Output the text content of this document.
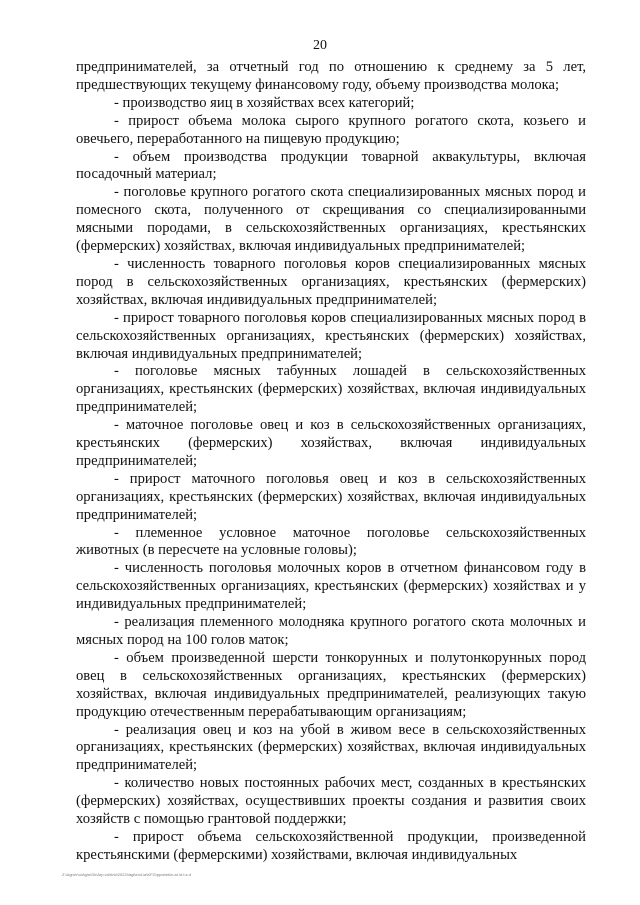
20

предпринимателей, за отчетный год по отношению к среднему за 5 лет, предшествующих текущему финансовому году, объему производства молока;

- производство яиц в хозяйствах всех категорий;

- прирост объема молока сырого крупного рогатого скота, козьего и овечьего, переработанного на пищевую продукцию;

- объем производства продукции товарной аквакультуры, включая посадочный материал;

- поголовье крупного рогатого скота специализированных мясных пород и помесного скота, полученного от скрещивания со специализированными мясными породами, в сельскохозяйственных организациях, крестьянских (фермерских) хозяйствах, включая индивидуальных предпринимателей;

- численность товарного поголовья коров специализированных мясных пород в сельскохозяйственных организациях, крестьянских (фермерских) хозяйствах, включая индивидуальных предпринимателей;

- прирост товарного поголовья коров специализированных мясных пород в сельскохозяйственных организациях, крестьянских (фермерских) хозяйствах, включая индивидуальных предпринимателей;

- поголовье мясных табунных лошадей в сельскохозяйственных организациях, крестьянских (фермерских) хозяйствах, включая индивидуальных предпринимателей;

- маточное поголовье овец и коз в сельскохозяйственных организациях, крестьянских (фермерских) хозяйствах, включая индивидуальных предпринимателей;

- прирост маточного поголовья овец и коз в сельскохозяйственных организациях, крестьянских (фермерских) хозяйствах, включая индивидуальных предпринимателей;

- племенное условное маточное поголовье сельскохозяйственных животных (в пересчете на условные головы);

- численность поголовья молочных коров в отчетном финансовом году в сельскохозяйственных организациях, крестьянских (фермерских) хозяйствах и у индивидуальных предпринимателей;

- реализация племенного молодняка крупного рогатого скота молочных и мясных пород на 100 голов маток;

- объем произведенной шерсти тонкорунных и полутонкорунных пород овец в сельскохозяйственных организациях, крестьянских (фермерских) хозяйствах, включая индивидуальных предпринимателей, реализующих такую продукцию отечественным перерабатывающим организациям;

- реализация овец и коз на убой в живом весе в сельскохозяйственных организациях, крестьянских (фермерских) хозяйствах, включая индивидуальных предпринимателей;

- количество новых постоянных рабочих мест, созданных в крестьянских (фермерских) хозяйствах, осуществивших проекты создания и развития своих хозяйств с помощью грантовой поддержки;

- прирост объема сельскохозяйственной продукции, произведенной крестьянскими (фермерскими) хозяйствами, включая индивидуальных

Z:\Agro\r\u\Ag\s\Gk\Arp.vd\rk\b\2022Vagl\e\vL\a\KFG\ppobek\n.at.\d.t.s.d
